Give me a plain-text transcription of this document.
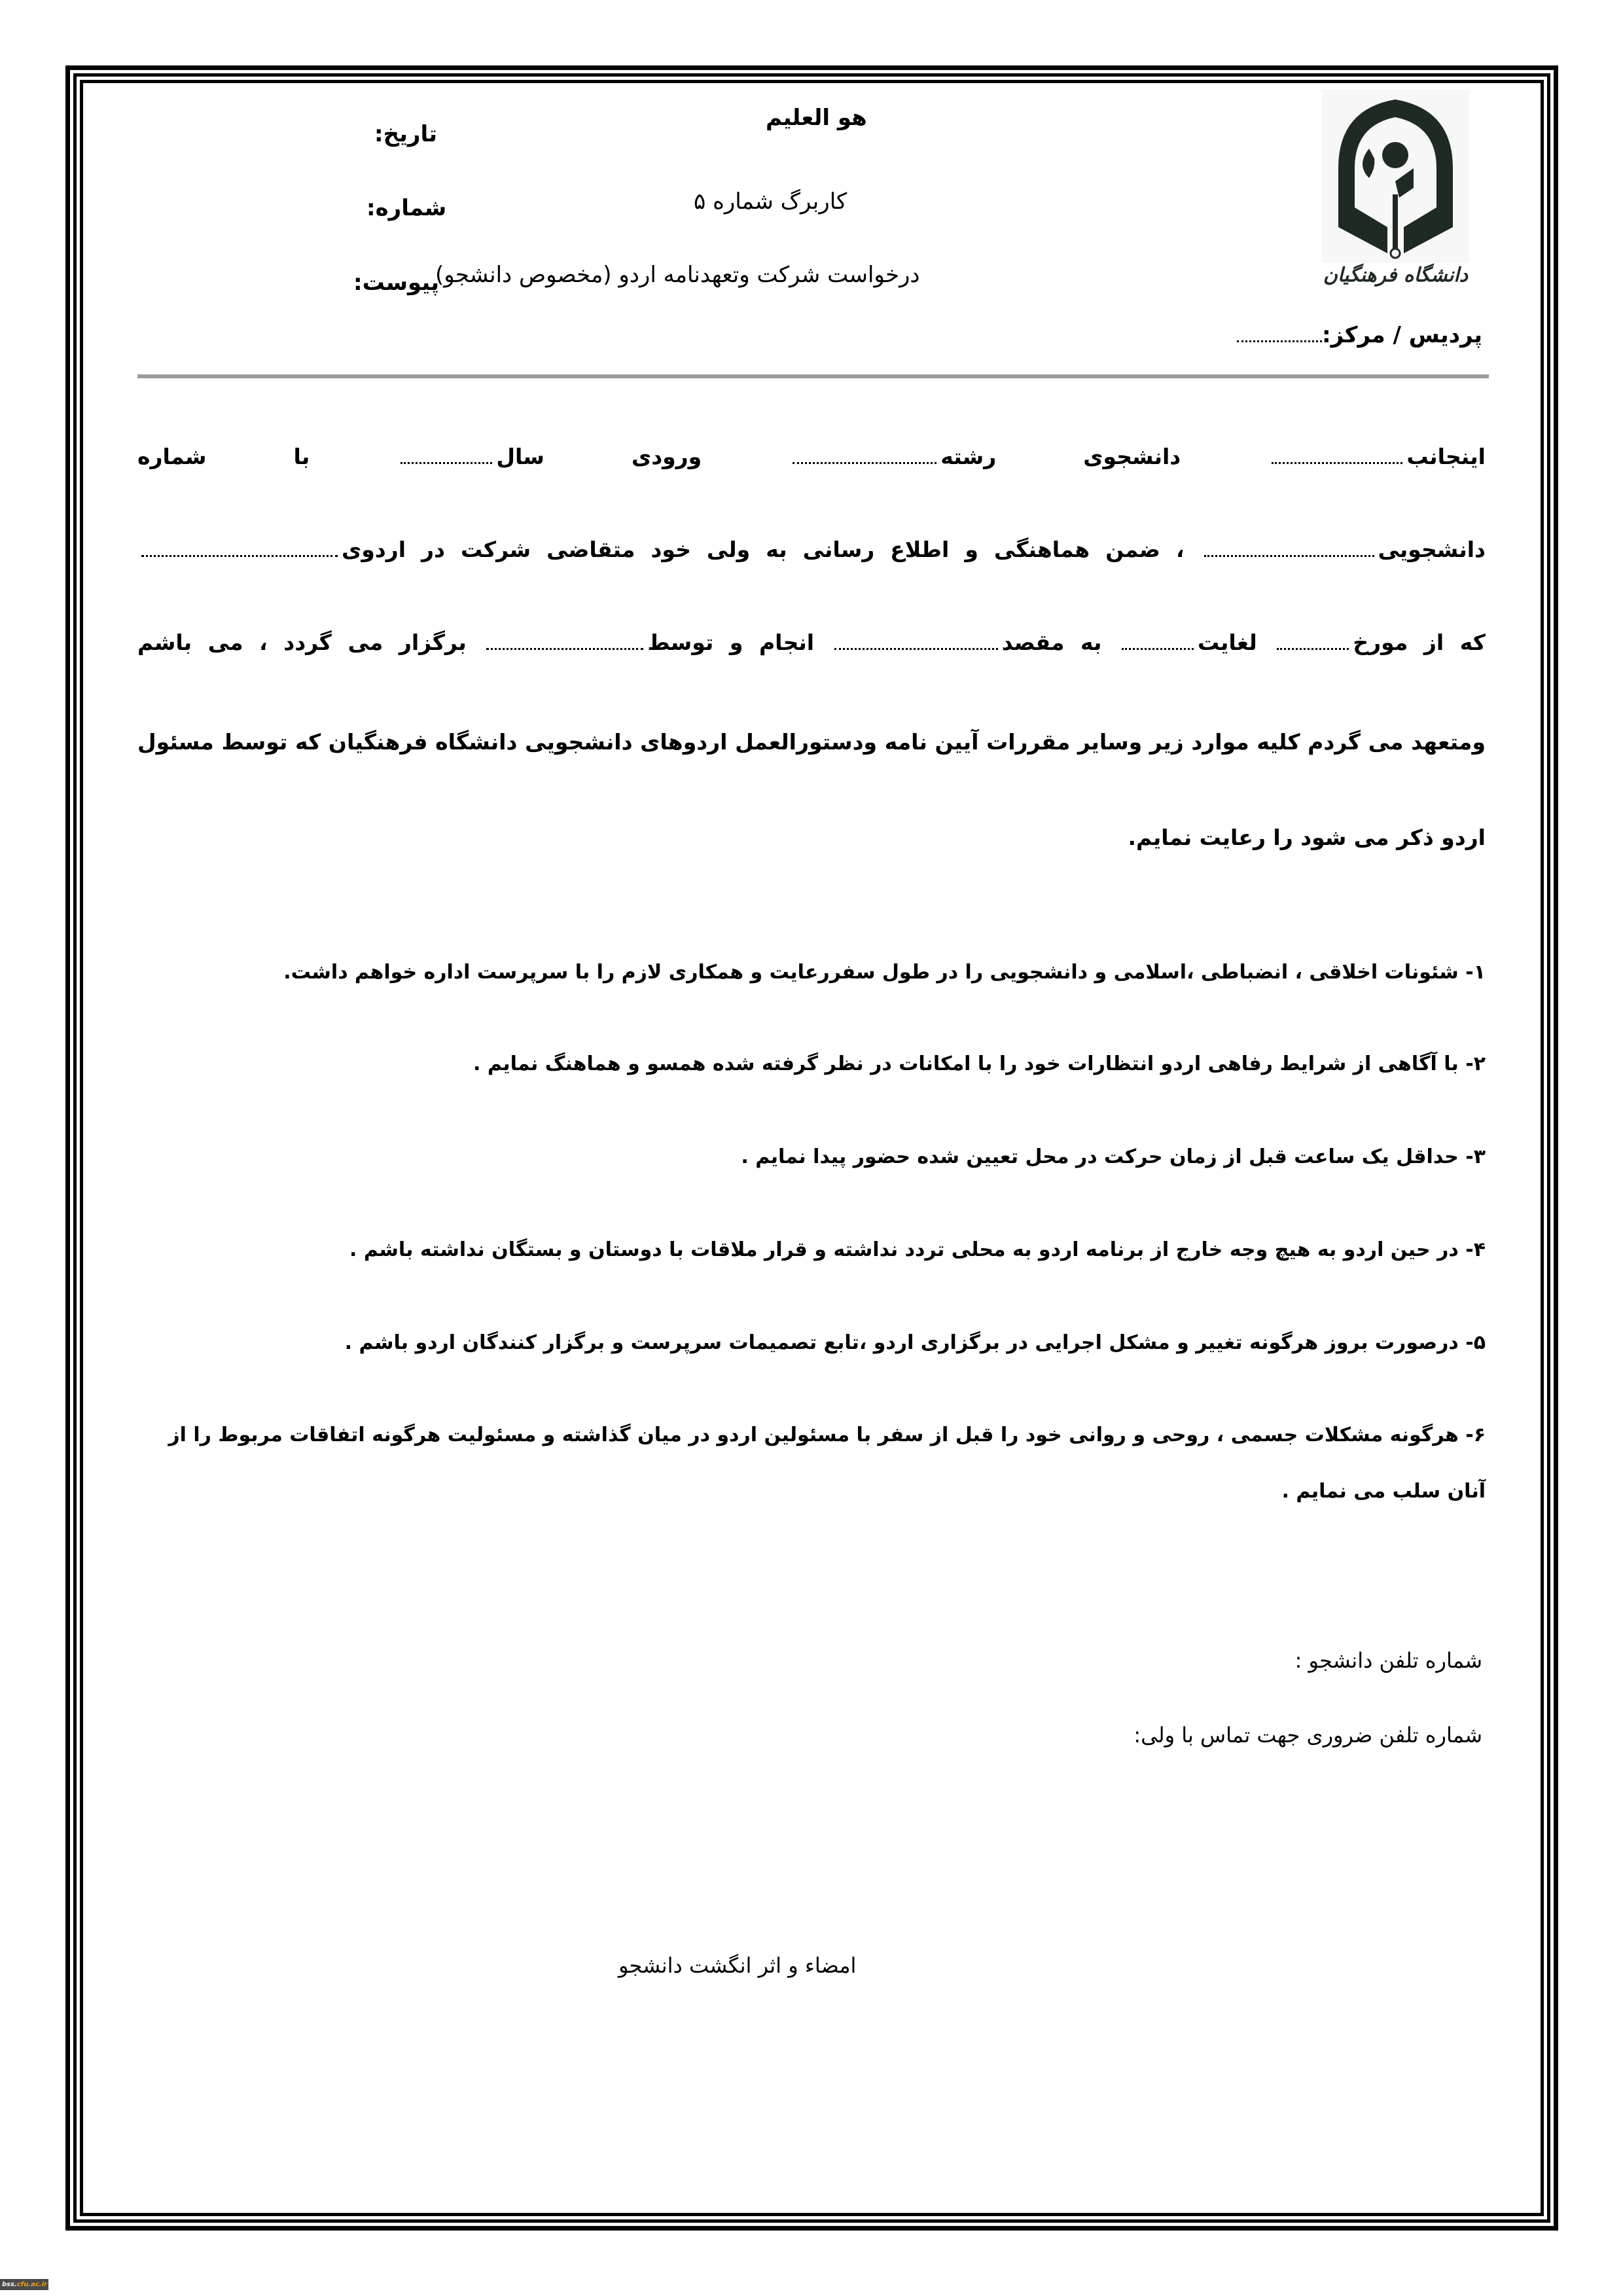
دانشگاه فرهنگیان
هو العليم
تاریخ:
کاربرگ شماره ۵
شماره:
درخواست شرکت وتعهدنامه اردو (مخصوص دانشجو)
پیوست:
پردیس / مرکز:
اینجانب دانشجوی رشته ورودی سال با شماره
دانشجویی ، ضمن هماهنگی و اطلاع رسانی به ولی خود متقاضی شرکت در اردوی
که از مورخ لغایت به مقصد انجام و توسط برگزار می گردد ، می باشم
ومتعهد می گردم کلیه موارد زیر وسایر مقررات آیین نامه ودستورالعمل اردوهای دانشجویی دانشگاه فرهنگیان که توسط مسئول
اردو ذکر می شود را رعایت نمایم.
۱- شئونات اخلاقی ، انضباطی ،اسلامی و دانشجویی را در طول سفررعایت و همکاری لازم را با سرپرست اداره خواهم داشت.
۲- با آگاهی از شرایط رفاهی اردو انتظارات خود را با امکانات در نظر گرفته شده همسو و هماهنگ نمایم .
۳- حداقل یک ساعت قبل از زمان حرکت در محل تعیین شده حضور پیدا نمایم .
۴- در حین اردو به هیچ وجه خارج از برنامه اردو به محلی تردد نداشته و قرار ملاقات با دوستان و بستگان نداشته باشم .
۵- درصورت بروز هرگونه تغییر و مشکل اجرایی در برگزاری اردو ،تابع تصمیمات سرپرست و برگزار کنندگان اردو باشم .
۶- هرگونه مشکلات جسمی ، روحی و روانی خود را قبل از سفر با مسئولین اردو در میان گذاشته و مسئولیت هرگونه اتفاقات مربوط را از آنان سلب می نمایم .
شماره تلفن دانشجو :
شماره تلفن ضروری جهت تماس با ولی:
امضاء و اثر انگشت دانشجو
bss.cfu.ac.ir
